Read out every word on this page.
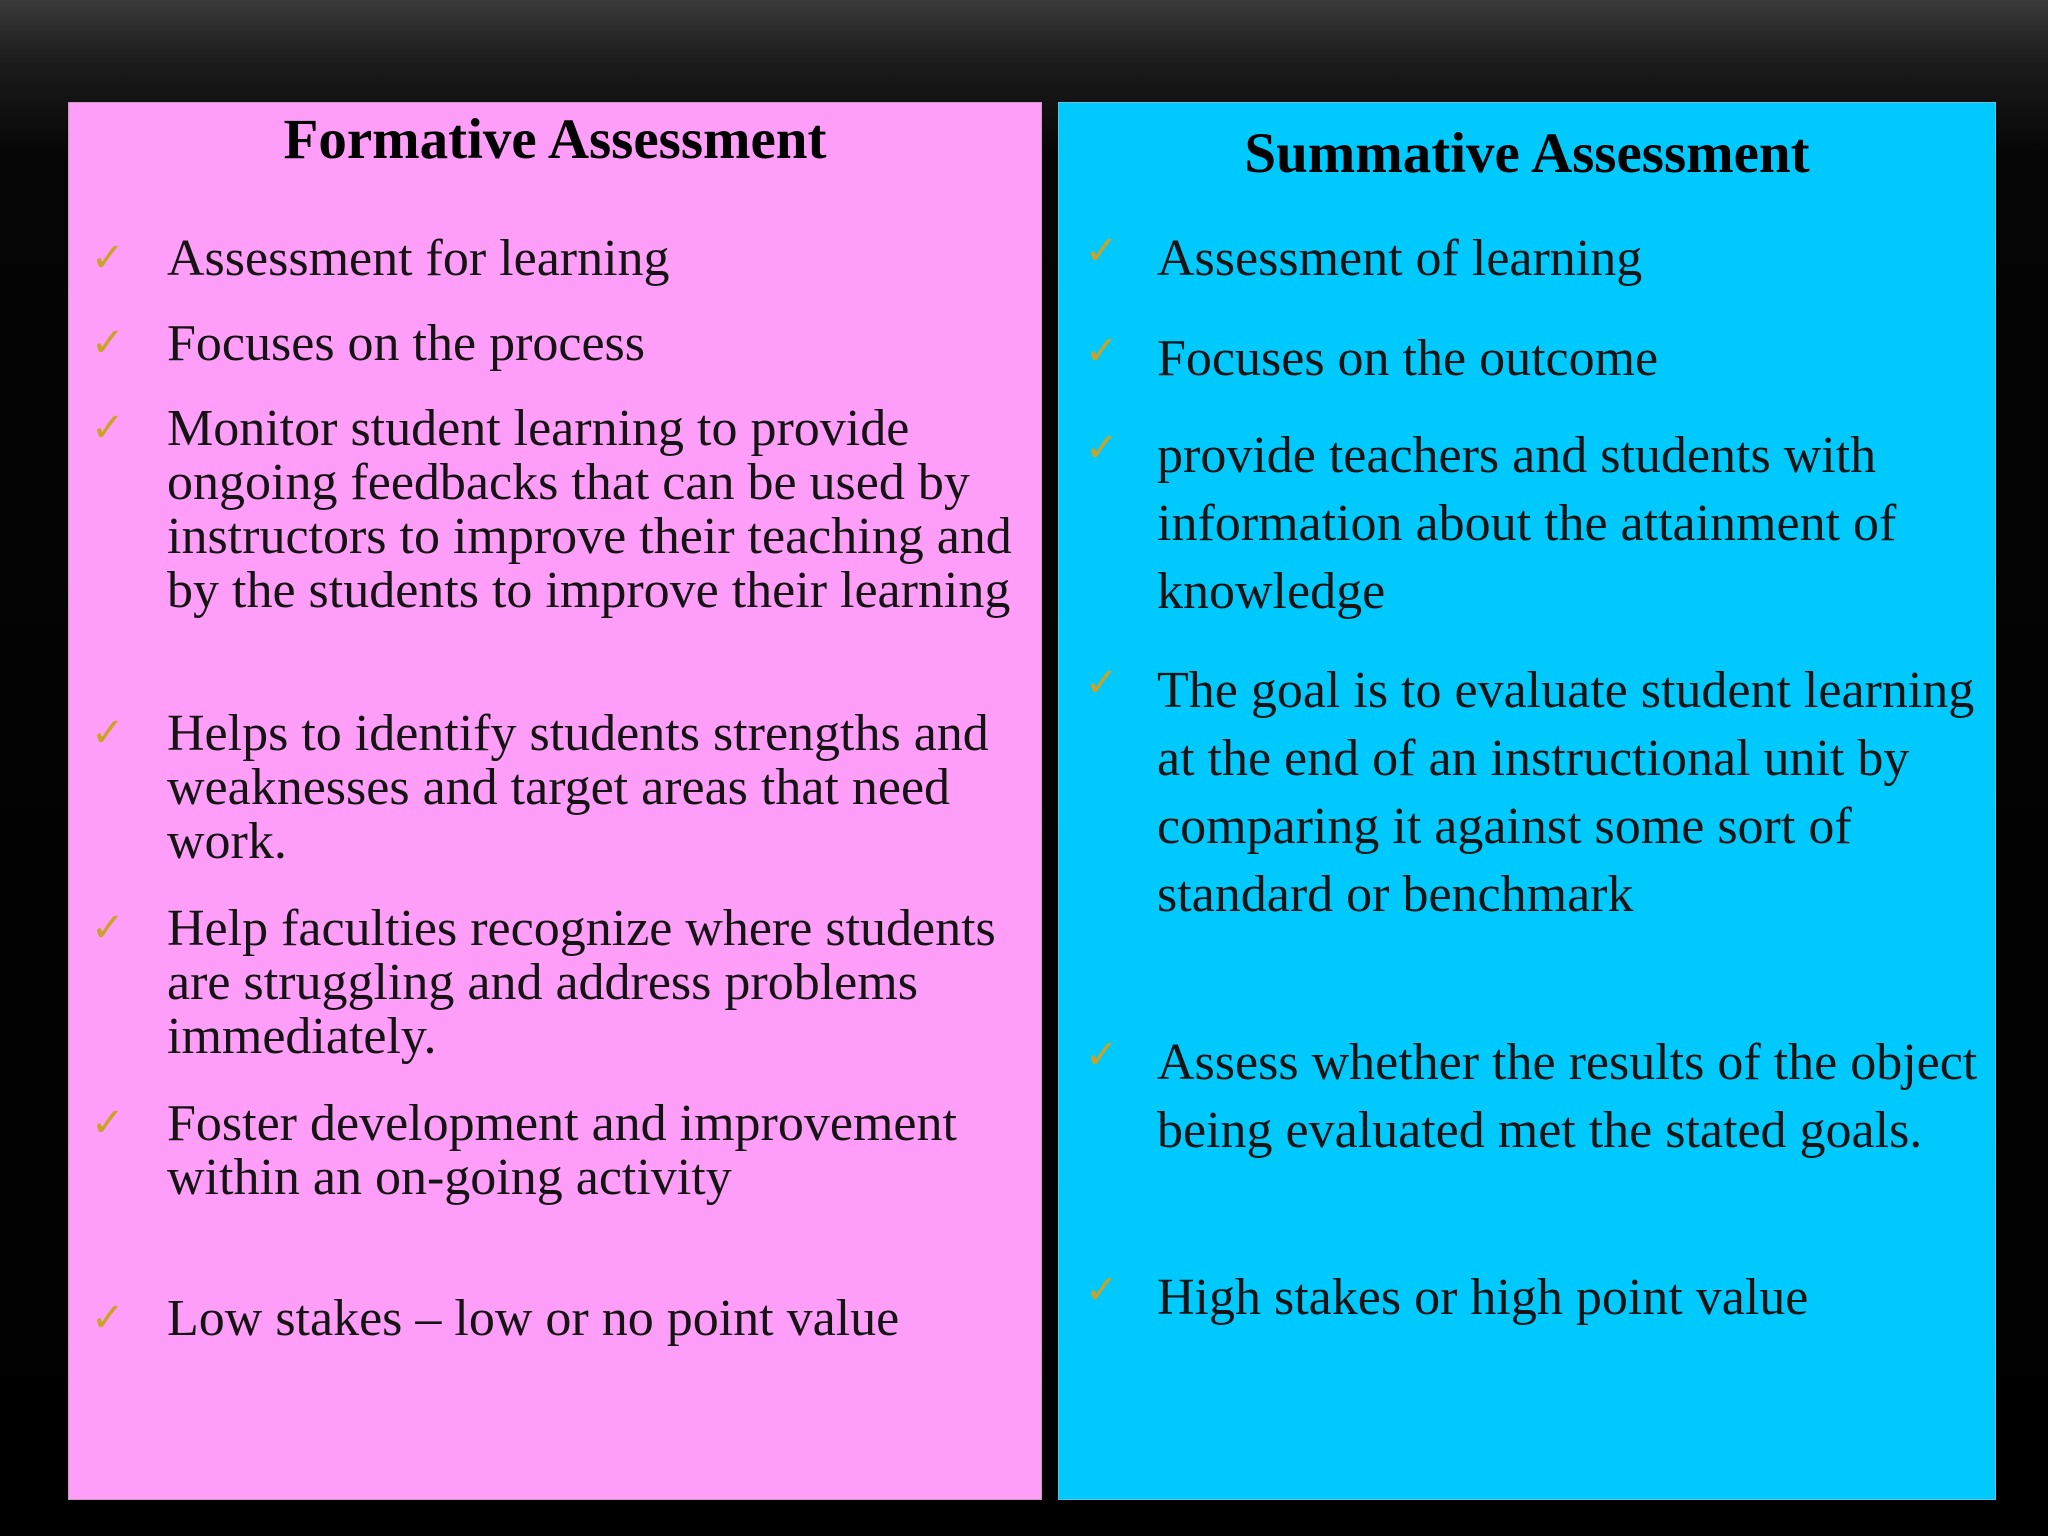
Formative Assessment
✓ Assessment for learning
✓ Focuses on the process
✓ Monitor student learning to provide ongoing feedbacks that can be used by instructors to improve their teaching and by the students to improve their learning
✓ Helps to identify students strengths and weaknesses and target areas that need work.
✓ Help faculties recognize where students are struggling and address problems immediately.
✓ Foster development and improvement within an on-going activity
✓ Low stakes – low or no point value
Summative Assessment
✓ Assessment of learning
✓ Focuses on the outcome
✓ provide teachers and students with information about the attainment of knowledge
✓ The goal is to evaluate student learning at the end of an instructional unit by comparing it against some sort of standard or benchmark
✓ Assess whether the results of the object being evaluated met the stated goals.
✓ High stakes or high point value
